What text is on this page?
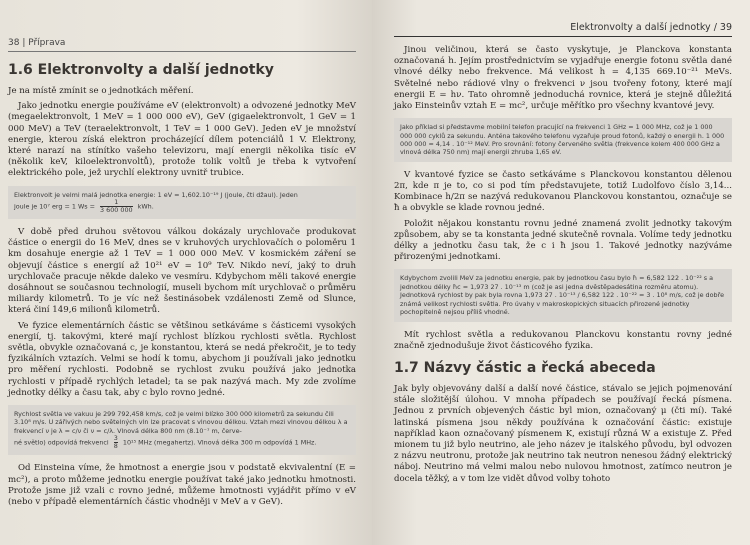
38 | Příprava
1.6 Elektronvolty a další jednotky

Je na místě zmínit se o jednotkách měření.

Jako jednotku energie používáme eV (elektronvolt) a odvozené jednotky MeV (megaelektronvolt, 1 MeV = 1 000 000 eV), GeV (gigaelektronvolt, 1 GeV = 1 000 MeV) a TeV (teraelektronvolt, 1 TeV = 1 000 GeV). Jeden eV je množství energie, kterou získá elektron procházející dílem potenciálů 1 V. Elektrony, které narazí na stínítko vašeho televizoru, mají energii několika tisíc eV (několik keV, kiloelektronvoltů), protože tolik voltů je třeba k vytvoření elektrického pole, jež urychlí elektrony uvnitř trubice.

Elektronvolt je velmi malá jednotka energie: 1 eV = 1,602.10⁻¹⁹ J (joule, čti džaul). Jeden
joule je 10⁷ erg = 1 $Ws = \frac{1}{3 600 000}$ kWh.

V době před druhou světovou válkou dokázaly urychlovače produkovat částice o energii do 16 MeV, dnes se v kruhových urychlovačích o poloměru 1 km dosahuje energie až 1 TeV = 1 000 000 MeV. V kosmickém záření se objevují částice s energií až 10²¹ eV = 10⁹ TeV. Nikdo neví, jaký to druh urychlovače pracuje někde daleko ve vesmíru. Kdybychom měli takové energie dosáhnout se současnou technologií, museli bychom mít urychlovač o průměru miliardy kilometrů. To je víc než šestinásobek vzdálenosti Země od Slunce, která činí 149,6 milionů kilometrů.

Ve fyzice elementárních částic se většinou setkáváme s částicemi vysokých energií, tj. takovými, které mají rychlost blízkou rychlosti světla. Rychlost světla, obvykle označovaná c, je konstantou, která se nedá překročit, je to tedy fyzikálních vztazích. Velmi se hodí k tomu, abychom ji používali jako jednotku pro měření rychlosti. Podobně se rychlost zvuku používá jako jednotka rychlosti v případě rychlých letadel; ta se pak nazývá mach. My zde zvolíme jednotky délky a času tak, aby c bylo rovno jedné.

Rychlost světla ve vakuu je 299 792,458 km/s, což je velmi blízko 300 000 kilometrů za sekundu čili 3.10⁸ m/s. U zářivých nebo světelných vln lze pracovat s vlnovou délkou. Vztah mezi vlnovou délkou λ a frekvencí ν je λ = c/ν či ν = c/λ. Vlnová délka 800 nm (8.10⁻⁷ m, červe-
né světlo) odpovídá frekvenci $\frac{3}{8} 10^{15}$ MHz (megahertz). Vlnová délka 300 m odpovídá 1 MHz.

Od Einsteina víme, že hmotnost a energie jsou v podstatě ekvivalentní (E = mc²), a proto můžeme jednotku energie používat také jako jednotku hmotnosti. Protože jsme již vzali c rovno jedné, můžeme hmotnosti vyjádřit přímo v eV (nebo v případě elementárních částic vhodněji v MeV a v GeV).

Elektronvolty a další jednotky / 39

Jinou veličinou, která se často vyskytuje, je Planckova konstanta označovaná h. Jejím prostřednictvím se vyjadřuje energie fotonu světla dané vlnové délky nebo frekvence. Má velikost h = 4,135 669.10⁻²¹ MeVs. Světelné nebo rádiové vlny o frekvenci ν jsou tvořeny fotony, které mají energii E = hν. Tato ohromně jednoduchá rovnice, která je stejně důležitá jako Einsteinův vztah E = mc², určuje měřítko pro všechny kvantové jevy.

Jako příklad si představme mobilní telefon pracující na frekvenci 1 GHz = 1 000 MHz, což je 1 000 000 000 cyklů za sekundu. Anténa takového telefonu vyzařuje proud fotonů, každý o energii h. 1 000 000 000 = 4,14 . 10⁻¹² MeV. Pro srovnání: fotony červeného světla (frekvence kolem 400 000 GHz a vlnová délka 750 nm) mají energii zhruba 1,65 eV.

V kvantové fyzice se často setkáváme s Planckovou konstantou dělenou 2π, kde π je to, co si pod tím představujete, totiž Ludolfovo číslo 3,14... Kombinace h/2π se nazývá redukovanou Planckovou konstantou, označuje se ħ a obvykle se klade rovnou jedné.

Položit nějakou konstantu rovnu jedné znamená zvolit jednotky takovým způsobem, aby se ta konstanta jedné skutečně rovnala. Volíme tedy jednotku délky a jednotku času tak, že c i ħ jsou 1. Takové jednotky nazýváme přirozenými jednotkami.

Kdybychom zvolili MeV za jednotku energie, pak by jednotkou času bylo ħ = 6,582 122 . 10⁻²² s a jednotkou délky ħc = 1,973 27 . 10⁻¹³ m (což je asi jedna dvěstěpadesátina rozměru atomu). Jednotková rychlost by pak byla rovna 1,973 27 . 10⁻¹³ / 6,582 122 . 10⁻²² = 3 . 10⁸ m/s, což je dobře známá velikost rychlosti světla. Pro úvahy v makroskopických situacích přirozené jednotky pochopitelně nejsou příliš vhodné.

Mít rychlost světla a redukovanou Planckovu konstantu rovny jedné značně zjednodušuje život částicového fyzika.

1.7 Názvy částic a řecká abeceda

Jak byly objevovány další a další nové částice, stávalo se jejich pojmenování stále složitější úlohou. V mnoha případech se používají řecká písmena. Jednou z prvních objevených částic byl mion, označovaný μ (čti mí). Také latinská písmena jsou někdy používána k označování částic: existuje například kaon označovaný písmenem K, existují různá W a existuje Z. Před mionem tu již bylo neutrino, ale jeho název je italského původu, byl odvozen z názvu neutronu, protože jak neutrino tak neutron nenesou žádný elektrický náboj. Neutrino má velmi malou nebo nulovou hmotnost, zatímco neutron je docela těžký, a v tom lze vidět důvod volby tohoto
